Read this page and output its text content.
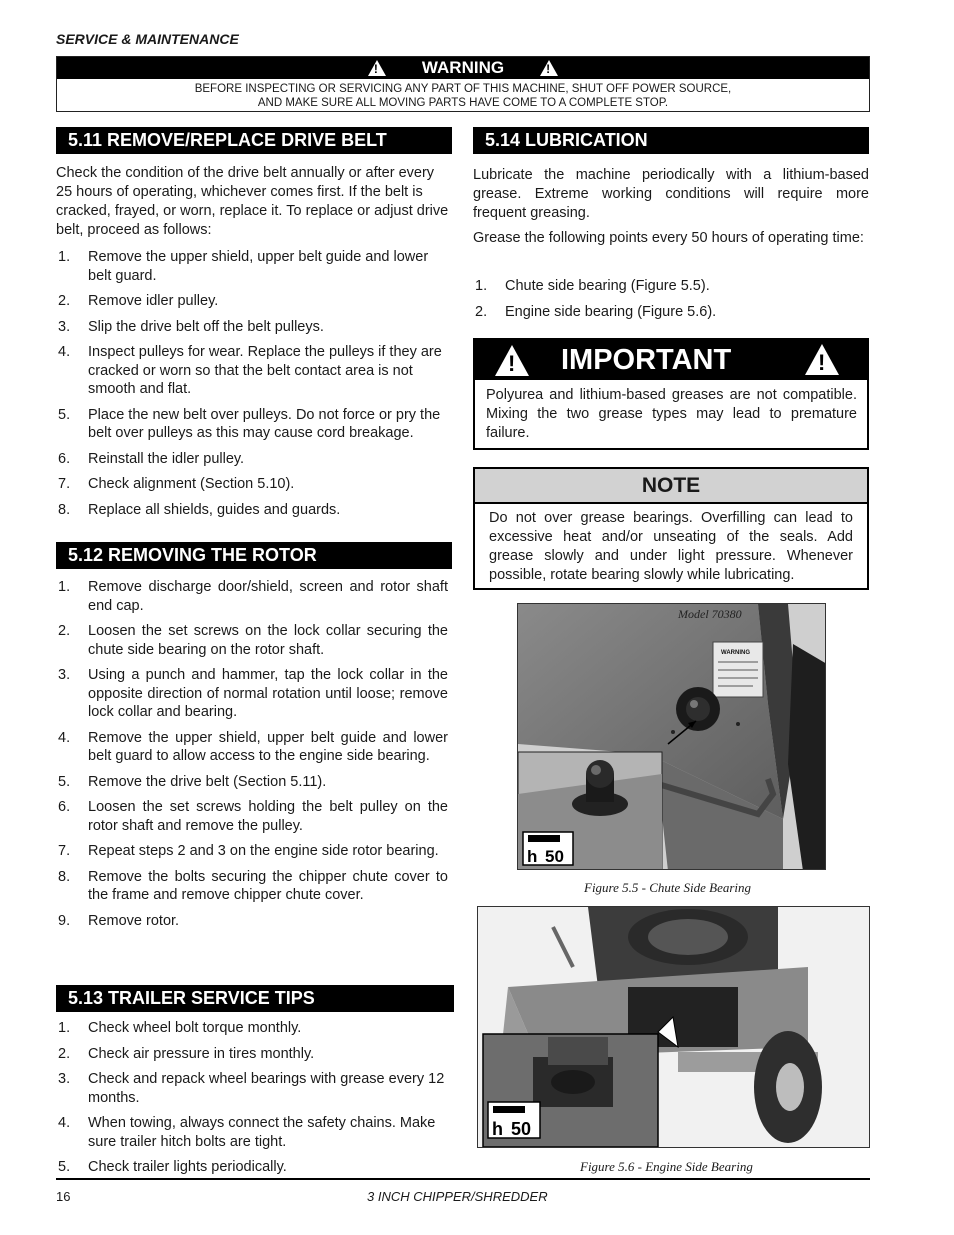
SERVICE & MAINTENANCE
!
WARNING
!
BEFORE INSPECTING OR SERVICING ANY PART OF THIS MACHINE, SHUT OFF POWER SOURCE,
AND MAKE SURE ALL MOVING PARTS HAVE COME TO A COMPLETE STOP.
5.11 REMOVE/REPLACE DRIVE BELT
Check the condition of the drive belt annually or after every 25 hours of operating, whichever comes first. If the belt is cracked, frayed, or worn, replace it. To replace or adjust drive belt, proceed as follows:
1. Remove the upper shield, upper belt guide and lower belt guard.
2. Remove idler pulley.
3. Slip the drive belt off the belt pulleys.
4. Inspect pulleys for wear. Replace the pulleys if they are cracked or worn so that the belt contact area is not smooth and flat.
5. Place the new belt over pulleys. Do not force or pry the belt over pulleys as this may cause cord breakage.
6. Reinstall the idler pulley.
7. Check alignment (Section 5.10).
8. Replace all shields, guides and guards.
5.12 REMOVING THE ROTOR
1. Remove discharge door/shield, screen and rotor shaft end cap.
2. Loosen the set screws on the lock collar securing the chute side bearing on the rotor shaft.
3. Using a punch and hammer, tap the lock collar in the opposite direction of normal rotation until loose; remove lock collar and bearing.
4. Remove the upper shield, upper belt guide and lower belt guard to allow access to the engine side bearing.
5. Remove the drive belt (Section 5.11).
6. Loosen the set screws holding the belt pulley on the rotor shaft and remove the pulley.
7. Repeat steps 2 and 3 on the engine side rotor bearing.
8. Remove the bolts securing the chipper chute cover to the frame and remove chipper chute cover.
9. Remove rotor.
5.13 TRAILER SERVICE TIPS
1. Check wheel bolt torque monthly.
2. Check air pressure in tires monthly.
3. Check and repack wheel bearings with grease every 12 months.
4. When towing, always connect the safety chains. Make sure trailer hitch bolts are tight.
5. Check trailer lights periodically.
5.14 LUBRICATION
Lubricate the machine periodically with a lithium-based grease. Extreme working conditions will require more frequent greasing.
Grease the following points every 50 hours of operating time:
1. Chute side bearing (Figure 5.5).
2. Engine side bearing (Figure 5.6).
!
IMPORTANT
!
Polyurea and lithium-based greases are not compatible. Mixing the two grease types may lead to premature failure.
NOTE
Do not over grease bearings. Overfilling can lead to excessive heat and/or unseating of the seals. Add grease slowly and under light pressure. Whenever possible, rotate bearing slowly while lubricating.
Model 70380
WARNING
h 50
Figure 5.5 - Chute Side Bearing
h 50
Figure 5.6 - Engine Side Bearing
16	3 INCH CHIPPER/SHREDDER
